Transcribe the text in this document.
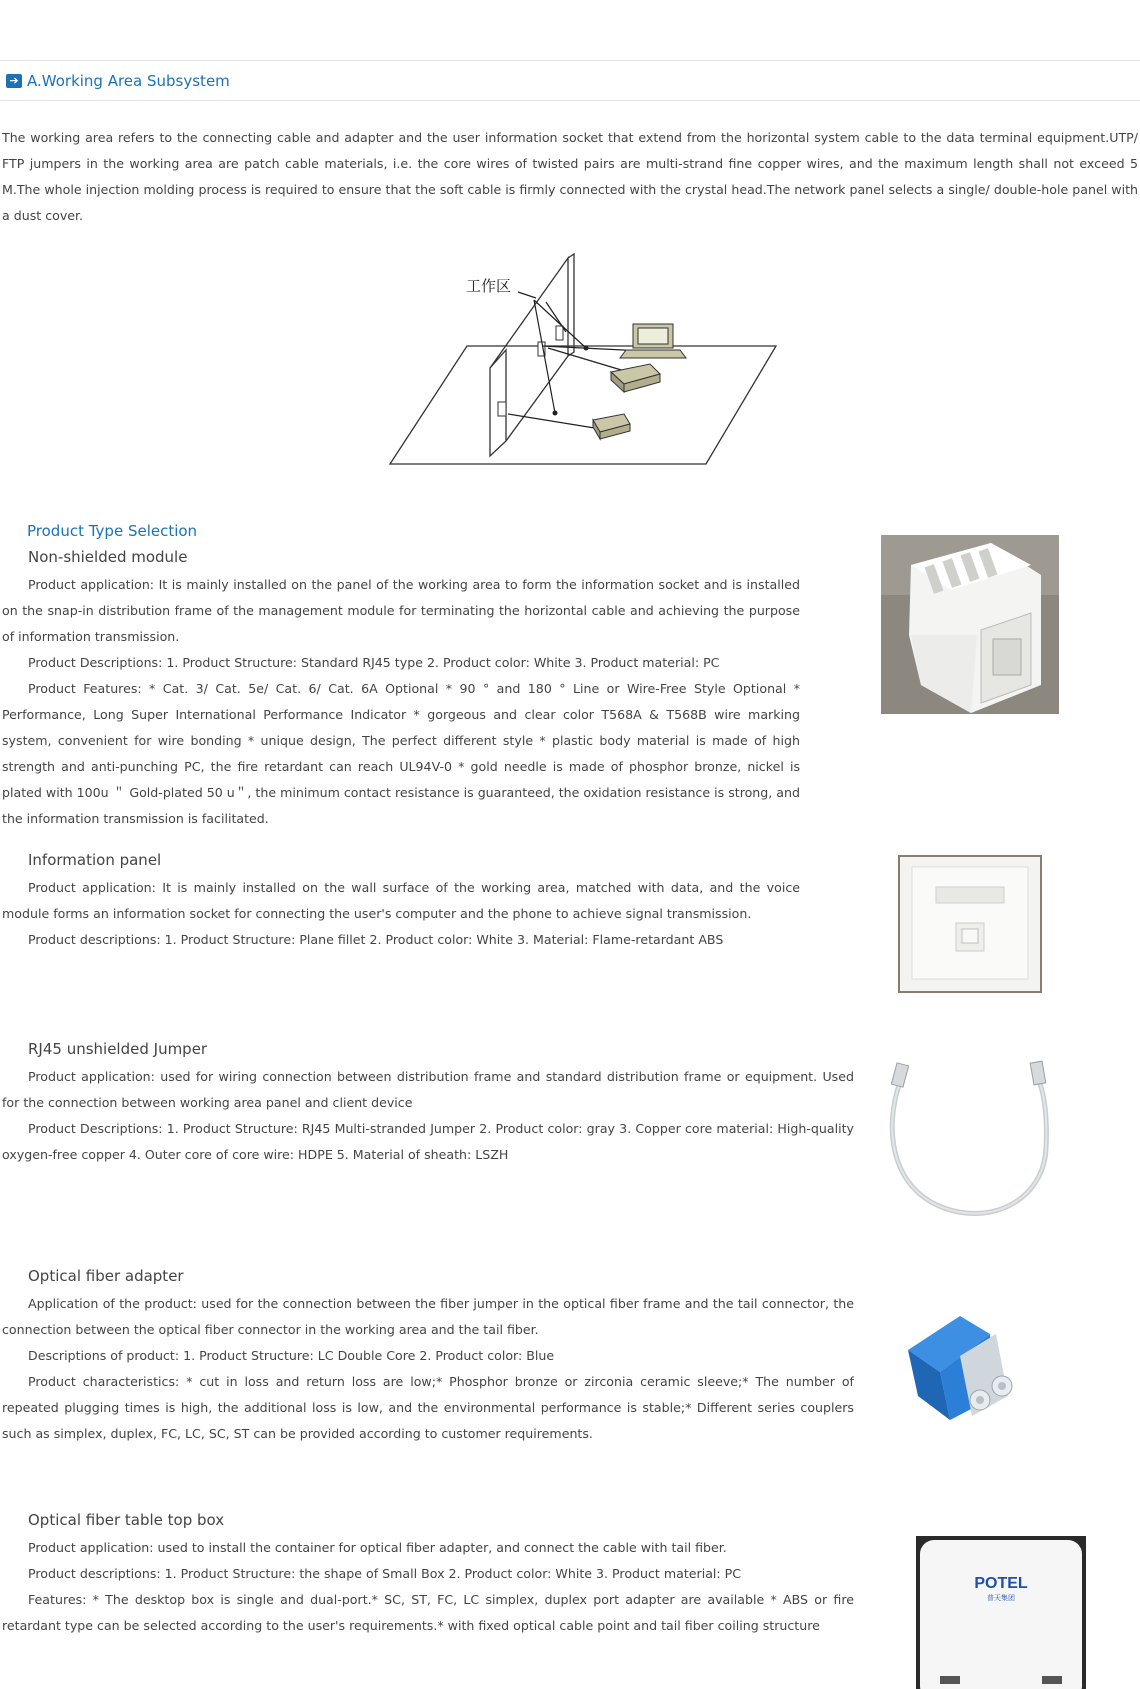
➔ A.Working Area Subsystem

The working area refers to the connecting cable and adapter and the user information socket that extend from the horizontal system cable to the data terminal equipment.UTP/ FTP jumpers in the working area are patch cable materials, i.e. the core wires of twisted pairs are multi-strand fine copper wires, and the maximum length shall not exceed 5 M.The whole injection molding process is required to ensure that the soft cable is firmly connected with the crystal head.The network panel selects a single/ double-hole panel with a dust cover.

工作区
Product Type Selection
Non-shielded module

Product application: It is mainly installed on the panel of the working area to form the information socket and is installed on the snap-in distribution frame of the management module for terminating the horizontal cable and achieving the purpose of information transmission.

Product Descriptions: 1. Product Structure: Standard RJ45 type 2. Product color: White 3. Product material: PC

Product Features: * Cat. 3/ Cat. 5e/ Cat. 6/ Cat. 6A Optional * 90 ° and 180 ° Line or Wire-Free Style Optional * Performance, Long Super International Performance Indicator * gorgeous and clear color T568A & T568B wire marking system, convenient for wire bonding * unique design, The perfect different style * plastic body material is made of high strength and anti-punching PC, the fire retardant can reach UL94V-0 * gold needle is made of phosphor bronze, nickel is plated with 100u ＂ Gold-plated 50 u＂, the minimum contact resistance is guaranteed, the oxidation resistance is strong, and the information transmission is facilitated.

Information panel

Product application: It is mainly installed on the wall surface of the working area, matched with data, and the voice module forms an information socket for connecting the user's computer and the phone to achieve signal transmission.

Product descriptions: 1. Product Structure: Plane fillet 2. Product color: White 3. Material: Flame-retardant ABS

RJ45 unshielded Jumper

Product application: used for wiring connection between distribution frame and standard distribution frame or equipment. Used for the connection between working area panel and client device

Product Descriptions: 1. Product Structure: RJ45 Multi-stranded Jumper 2. Product color: gray 3. Copper core material: High-quality oxygen-free copper 4. Outer core of core wire: HDPE 5. Material of sheath: LSZH

Optical fiber adapter

Application of the product: used for the connection between the fiber jumper in the optical fiber frame and the tail connector, the connection between the optical fiber connector in the working area and the tail fiber.

Descriptions of product: 1. Product Structure: LC Double Core 2. Product color: Blue

Product characteristics: * cut in loss and return loss are low;* Phosphor bronze or zirconia ceramic sleeve;* The number of repeated plugging times is high, the additional loss is low, and the environmental performance is stable;* Different series couplers such as simplex, duplex, FC, LC, SC, ST can be provided according to customer requirements.

Optical fiber table top box

Product application: used to install the container for optical fiber adapter, and connect the cable with tail fiber.

Product descriptions: 1. Product Structure: the shape of Small Box 2. Product color: White 3. Product material: PC

Features: * The desktop box is single and dual-port.* SC, ST, FC, LC simplex, duplex port adapter are available * ABS or fire retardant type can be selected according to the user's requirements.* with fixed optical cable point and tail fiber coiling structure

POTEL
普天集团
